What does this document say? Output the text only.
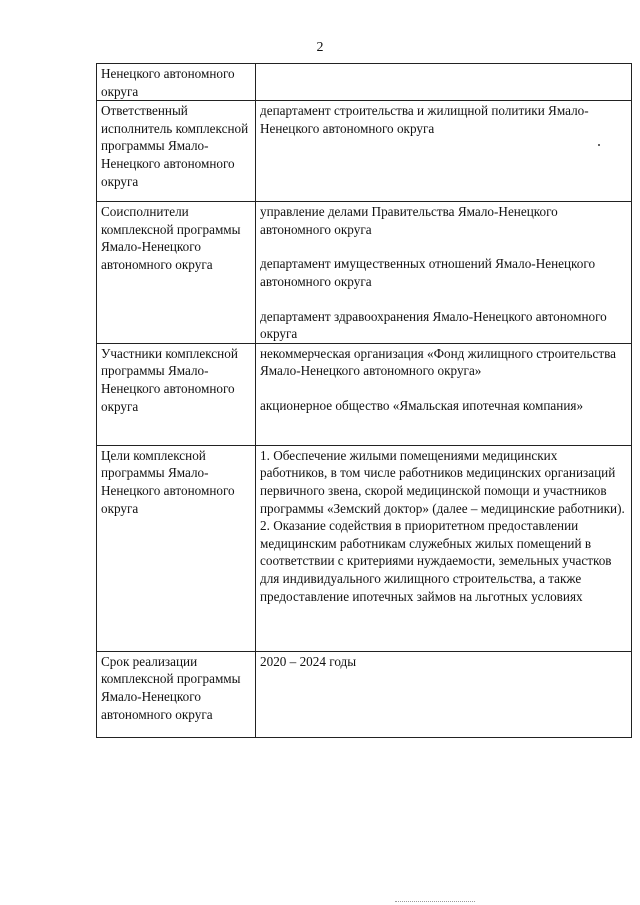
2
Ненецкого автономного округа	
Ответственный исполнитель комплексной программы Ямало-Ненецкого автономного округа	департамент строительства и жилищной политики Ямало-Ненецкого автономного округа

Соисполнители комплексной программы Ямало-Ненецкого автономного округа	управление делами Правительства Ямало-Ненецкого автономного округа

департамент имущественных отношений Ямало-Ненецкого автономного округа

департамент здравоохранения Ямало-Ненецкого автономного округа

Участники комплексной программы Ямало-Ненецкого автономного округа	некоммерческая организация «Фонд жилищного строительства Ямало-Ненецкого автономного округа»

акционерное общество «Ямальская ипотечная компания»

Цели комплексной программы Ямало-Ненецкого автономного округа	1. Обеспечение жилыми помещениями медицинских работников, в том числе работников медицинских организаций первичного звена, скорой медицинской помощи и участников программы «Земский доктор» (далее – медицинские работники).

2. Оказание содействия в приоритетном предоставлении медицинским работникам служебных жилых помещений в соответствии с критериями нуждаемости, земельных участков для индивидуального жилищного строительства, а также предоставление ипотечных займов на льготных условиях

Срок реализации комплексной программы Ямало-Ненецкого автономного округа	2020 – 2024 годы
